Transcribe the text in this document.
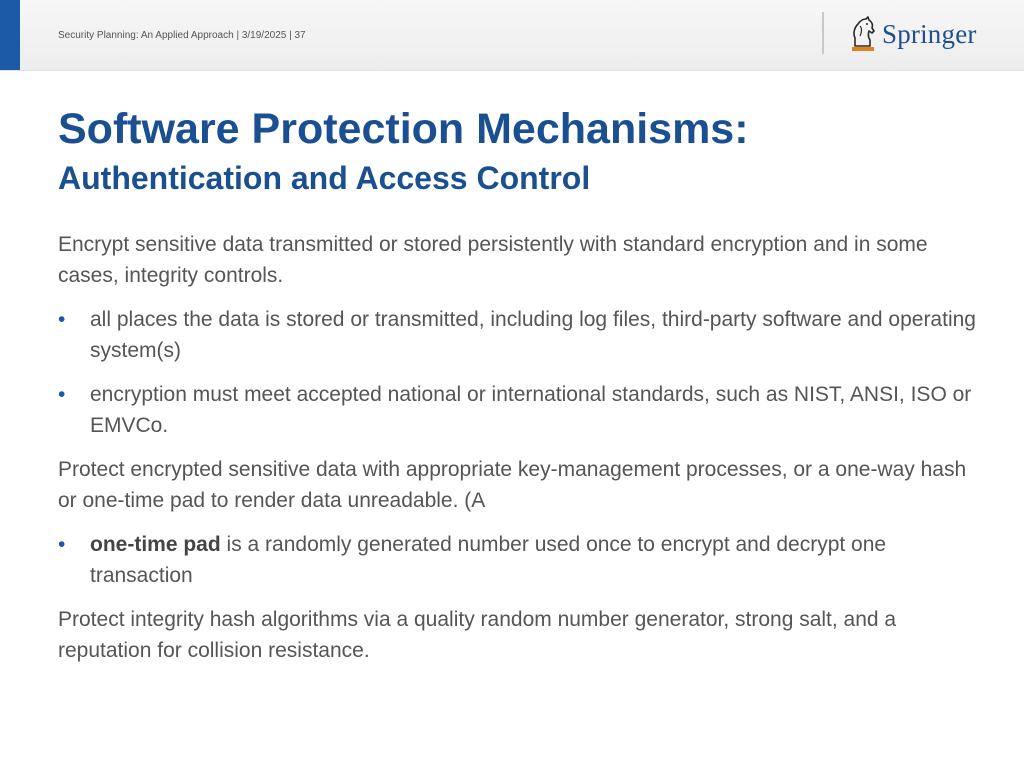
Security Planning: An Applied Approach | 3/19/2025 | 37	Springer
Software Protection Mechanisms:
Authentication and Access Control

Encrypt sensitive data transmitted or stored persistently with standard encryption and in some cases, integrity controls.

• all places the data is stored or transmitted, including log files, third-party software and operating system(s)
• encryption must meet accepted national or international standards, such as NIST, ANSI, ISO or EMVCo.

Protect encrypted sensitive data with appropriate key-management processes, or a one-way hash or one-time pad to render data unreadable. (A

• one-time pad is a randomly generated number used once to encrypt and decrypt one transaction

Protect integrity hash algorithms via a quality random number generator, strong salt, and a reputation for collision resistance.
